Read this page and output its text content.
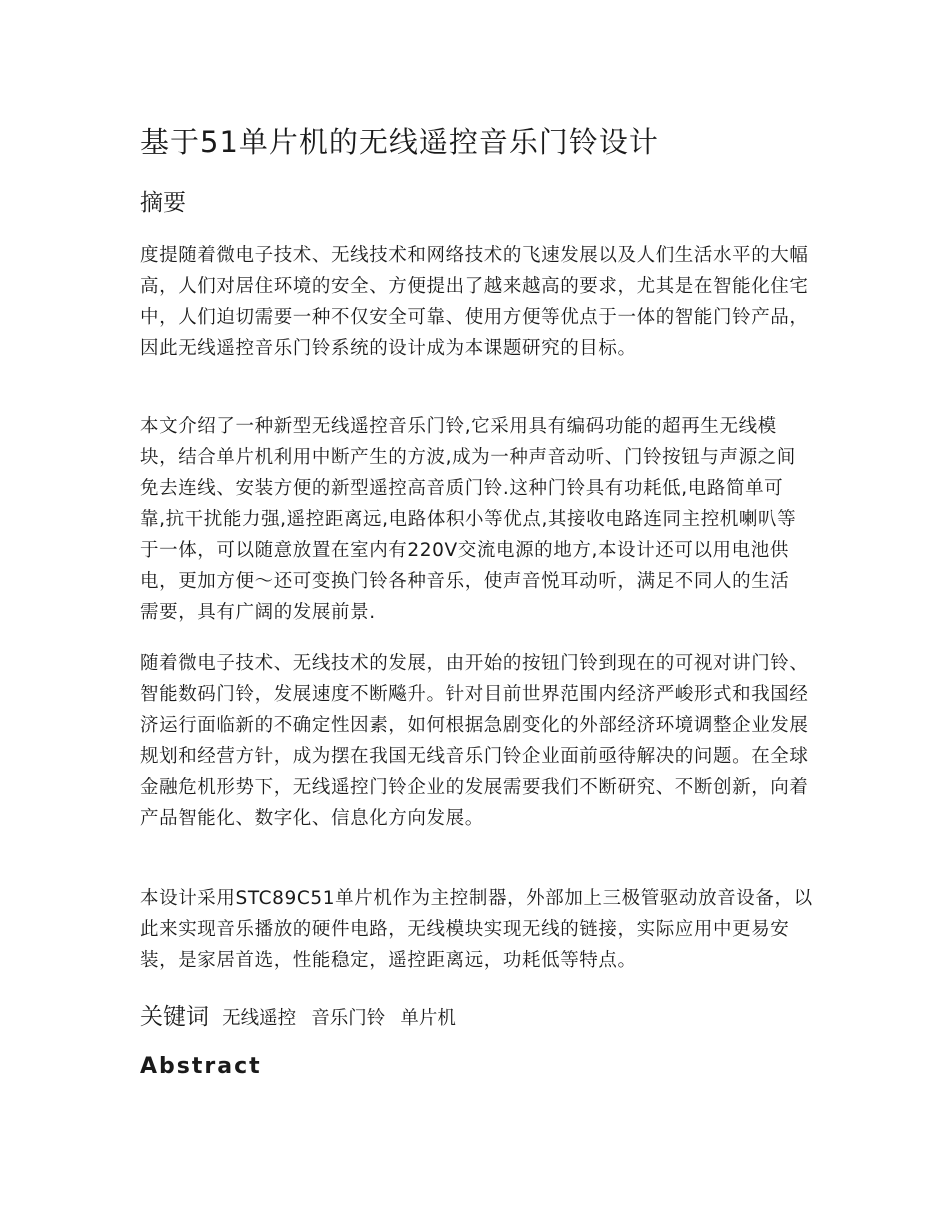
基于51单片机的无线遥控音乐门铃设计
摘要

度提随着微电子技术、无线技术和网络技术的飞速发展以及人们生活水平的大幅高，人们对居住环境的安全、方便提出了越来越高的要求，尤其是在智能化住宅中，人们迫切需要一种不仅安全可靠、使用方便等优点于一体的智能门铃产品，因此无线遥控音乐门铃系统的设计成为本课题研究的目标。

本文介绍了一种新型无线遥控音乐门铃,它采用具有编码功能的超再生无线模块，结合单片机利用中断产生的方波,成为一种声音动听、门铃按钮与声源之间免去连线、安装方便的新型遥控高音质门铃.这种门铃具有功耗低,电路简单可靠,抗干扰能力强,遥控距离远,电路体积小等优点,其接收电路连同主控机喇叭等于一体，可以随意放置在室内有220V交流电源的地方,本设计还可以用电池供电，更加方便～还可变换门铃各种音乐，使声音悦耳动听，满足不同人的生活需要，具有广阔的发展前景.

随着微电子技术、无线技术的发展，由开始的按钮门铃到现在的可视对讲门铃、智能数码门铃，发展速度不断飚升。针对目前世界范围内经济严峻形式和我国经济运行面临新的不确定性因素，如何根据急剧变化的外部经济环境调整企业发展规划和经营方针，成为摆在我国无线音乐门铃企业面前亟待解决的问题。在全球金融危机形势下，无线遥控门铃企业的发展需要我们不断研究、不断创新，向着产品智能化、数字化、信息化方向发展。

本设计采用STC89C51单片机作为主控制器，外部加上三极管驱动放音设备，以此来实现音乐播放的硬件电路，无线模块实现无线的链接，实际应用中更易安装，是家居首选，性能稳定，遥控距离远，功耗低等特点。

关键词 无线遥控 音乐门铃 单片机
Abstract
